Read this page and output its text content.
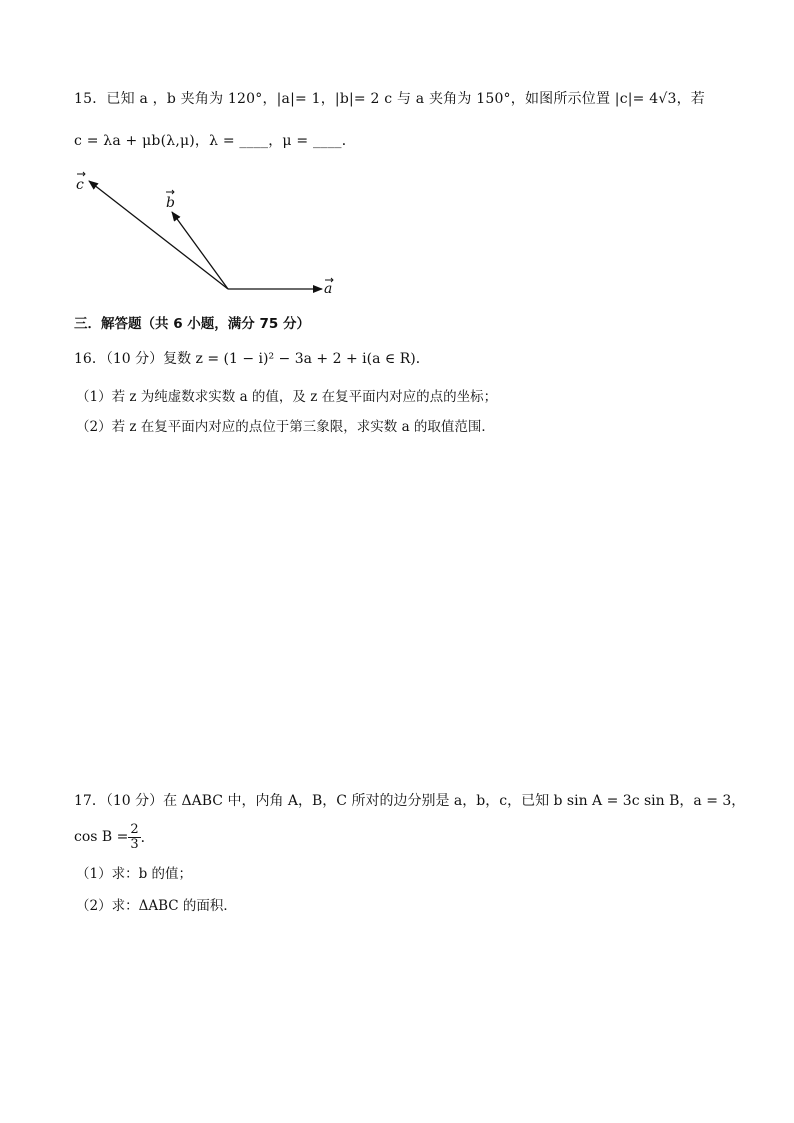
15．已知 a ，b 夹角为 120°，|a|= 1，|b|= 2 c 与 a 夹角为 150°，如图所示位置 |c|= 4√3，若
c = λa + μb(λ,μ)，λ = ____，μ = ____．
c
b
a
三．解答题（共 6 小题，满分 75 分）
16．（10 分）复数 z = (1 − i)² − 3a + 2 + i(a ∈ R)．
（1）若 z 为纯虚数求实数 a 的值，及 z 在复平面内对应的点的坐标；
（2）若 z 在复平面内对应的点位于第三象限，求实数 a 的取值范围．
17．（10 分）在 ΔABC 中，内角 A，B，C 所对的边分别是 a，b，c，已知 b sin A = 3c sin B，a = 3，
$\cos B = \frac{2}{3}$ ．
（1）求：b 的值；
（2）求：ΔABC 的面积．
